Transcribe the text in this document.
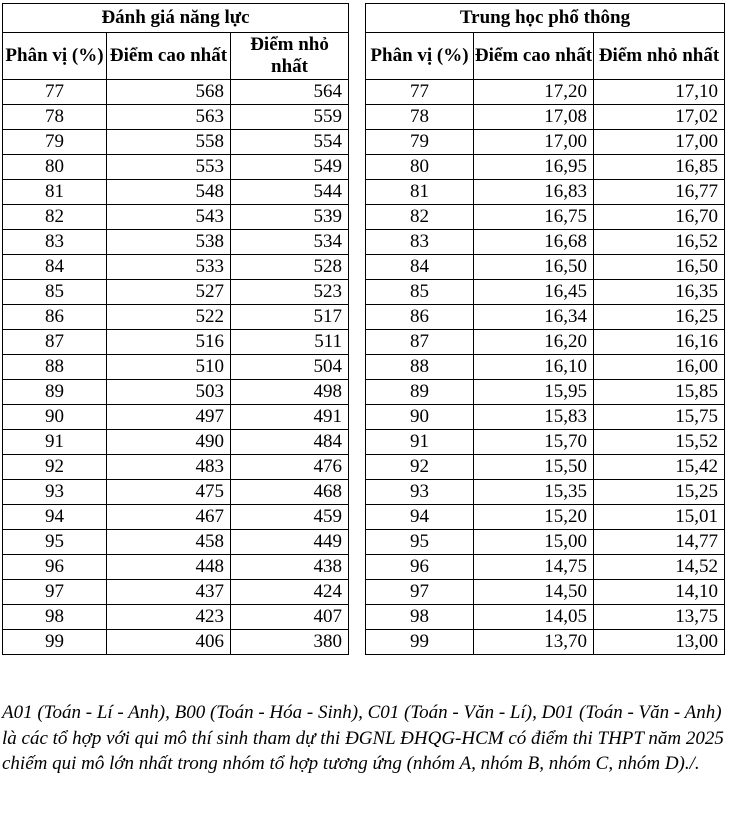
Đánh giá năng lực		
Phân vị (%)	Điểm cao nhất	Điểm nhỏ nhất
77	568	564
78	563	559
79	558	554
80	553	549
81	548	544
82	543	539
83	538	534
84	533	528
85	527	523
86	522	517
87	516	511
88	510	504
89	503	498
90	497	491
91	490	484
92	483	476
93	475	468
94	467	459
95	458	449
96	448	438
97	437	424
98	423	407
99	406	380
Trung học phổ thông		
Phân vị (%)	Điểm cao nhất	Điểm nhỏ nhất
77	17,20	17,10
78	17,08	17,02
79	17,00	17,00
80	16,95	16,85
81	16,83	16,77
82	16,75	16,70
83	16,68	16,52
84	16,50	16,50
85	16,45	16,35
86	16,34	16,25
87	16,20	16,16
88	16,10	16,00
89	15,95	15,85
90	15,83	15,75
91	15,70	15,52
92	15,50	15,42
93	15,35	15,25
94	15,20	15,01
95	15,00	14,77
96	14,75	14,52
97	14,50	14,10
98	14,05	13,75
99	13,70	13,00

A01 (Toán - Lí - Anh), B00 (Toán - Hóa - Sinh), C01 (Toán - Văn - Lí), D01 (Toán - Văn - Anh) là các tổ hợp với qui mô thí sinh tham dự thi ĐGNL ĐHQG-HCM có điểm thi THPT năm 2025 chiếm qui mô lớn nhất trong nhóm tổ hợp tương ứng (nhóm A, nhóm B, nhóm C, nhóm D)./.
